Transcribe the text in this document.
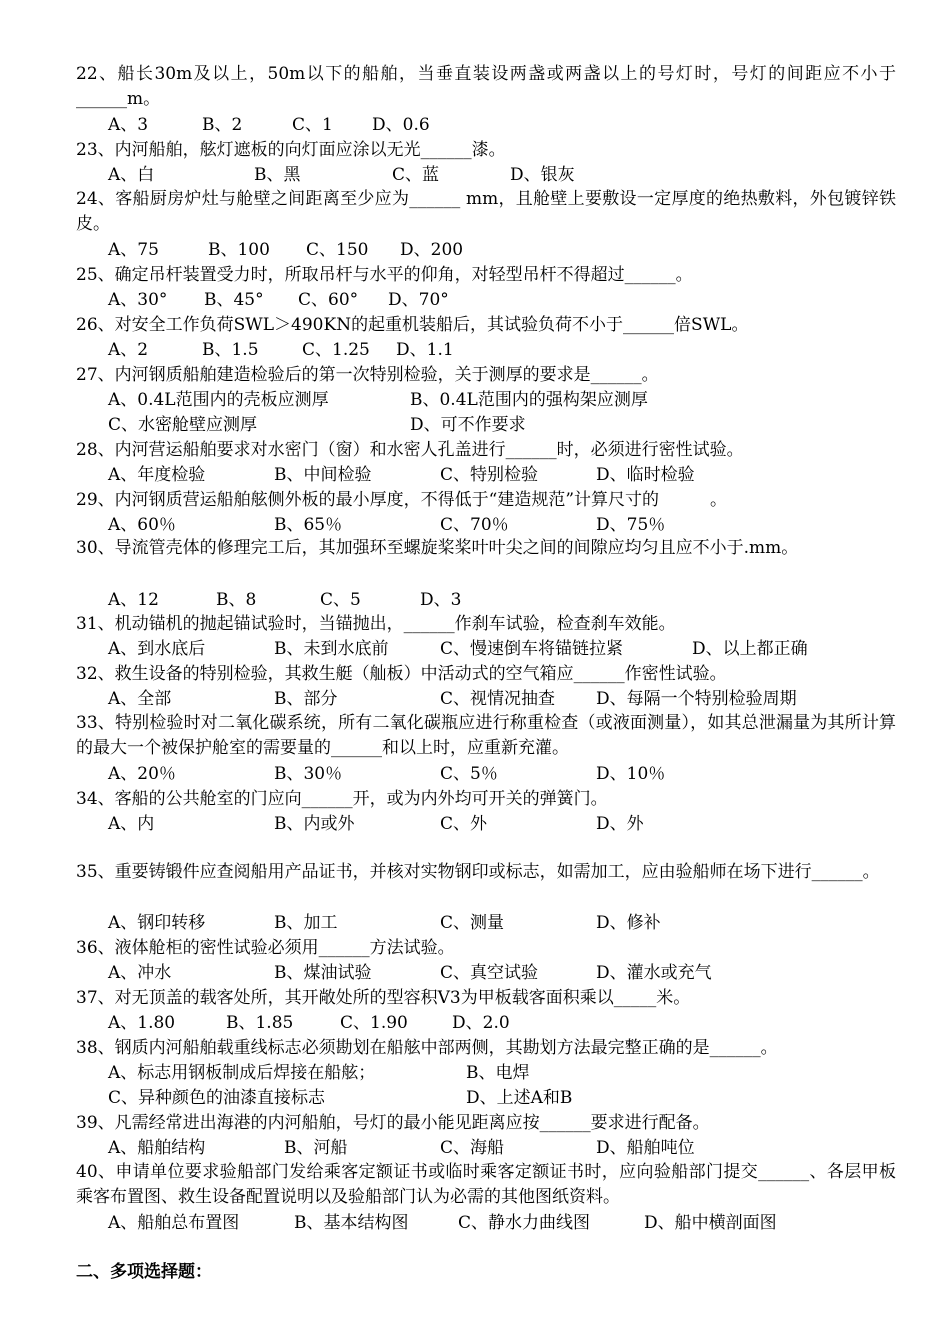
22、船长30m及以上，50m以下的船舶，当垂直装设两盏或两盏以上的号灯时，号灯的间距应不小于______m。
A、3	B、2	C、1 D、0.6
23、内河船舶，舷灯遮板的向灯面应涂以无光______漆。
A、白	B、黑	C、蓝	D、银灰
24、客船厨房炉灶与舱壁之间距离至少应为______ mm，且舱壁上要敷设一定厚度的绝热敷料，外包镀锌铁皮。
A、75	B、100 C、150 D、200
25、确定吊杆装置受力时，所取吊杆与水平的仰角，对轻型吊杆不得超过______。
A、30° B、45° C、60° D、70°
26、对安全工作负荷SWL＞490KN的起重机装船后，其试验负荷不小于______倍SWL。
A、2	B、1.5	C、1.25 D、1.1
27、内河钢质船舶建造检验后的第一次特别检验，关于测厚的要求是______。
A、0.4L范围内的壳板应测厚	B、0.4L范围内的强构架应测厚
C、水密舱壁应测厚	D、可不作要求
28、内河营运船舶要求对水密门（窗）和水密人孔盖进行______时，必须进行密性试验。
A、年度检验	B、中间检验	C、特别检验	D、临时检验
29、内河钢质营运船舶舷侧外板的最小厚度，不得低于“建造规范”计算尺寸的　　　。
A、60％	B、65％	C、70％	D、75％
30、导流管壳体的修理完工后，其加强环至螺旋桨桨叶叶尖之间的间隙应均匀且应不小于.mm。
A、12	B、8	C、5	D、3
31、机动锚机的抛起锚试验时，当锚抛出，______作刹车试验，检查刹车效能。
A、到水底后	B、未到水底前	C、慢速倒车将锚链拉紧	D、以上都正确
32、救生设备的特别检验，其救生艇（舢板）中活动式的空气箱应______作密性试验。
A、全部	B、部分	C、视情况抽查 D、每隔一个特别检验周期
33、特别检验时对二氧化碳系统，所有二氧化碳瓶应进行称重检查（或液面测量），如其总泄漏量为其所计算的最大一个被保护舱室的需要量的______和以上时，应重新充灌。
A、20％	B、30％	C、5％	D、10％
34、客船的公共舱室的门应向______开，或为内外均可开关的弹簧门。
A、内	B、内或外	C、外	D、外
35、重要铸锻件应查阅船用产品证书，并核对实物钢印或标志，如需加工，应由验船师在场下进行______。
A、钢印转移	B、加工	C、测量	D、修补
36、液体舱柜的密性试验必须用______方法试验。
A、冲水	B、煤油试验	C、真空试验	D、灌水或充气
37、对无顶盖的载客处所，其开敞处所的型容积V3为甲板载客面积乘以_____米。
A、1.80	B、1.85	C、1.90	D、2.0
38、钢质内河船舶载重线标志必须勘划在船舷中部两侧，其勘划方法最完整正确的是______。
A、标志用钢板制成后焊接在船舷；	B、电焊
C、异种颜色的油漆直接标志	D、上述A和B
39、凡需经常进出海港的内河船舶，号灯的最小能见距离应按______要求进行配备。
A、船舶结构	B、河船	C、海船	D、船舶吨位
40、申请单位要求验船部门发给乘客定额证书或临时乘客定额证书时，应向验船部门提交______、各层甲板乘客布置图、救生设备配置说明以及验船部门认为必需的其他图纸资料。
A、船舶总布置图	B、基本结构图	C、静水力曲线图	D、船中横剖面图
二、多项选择题：
